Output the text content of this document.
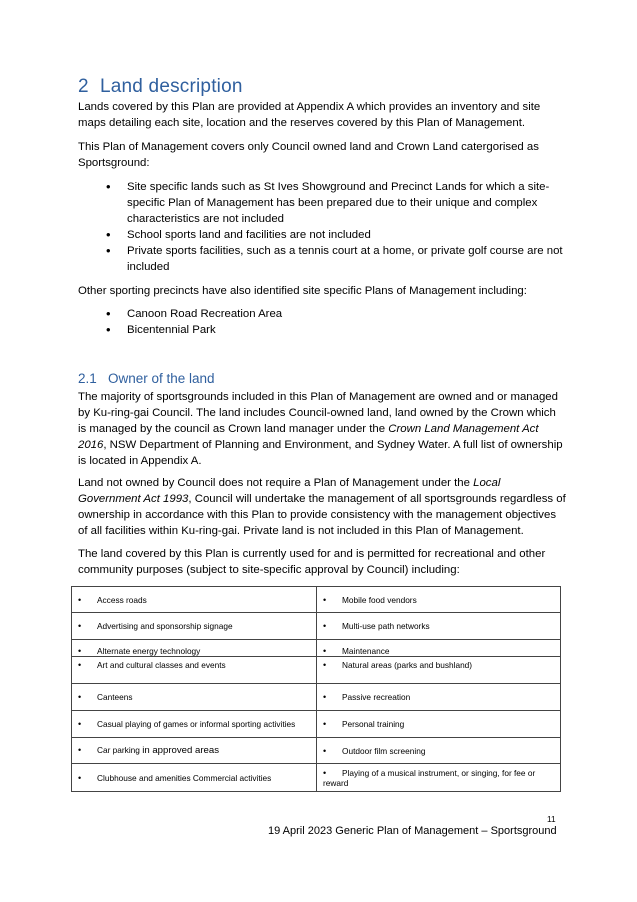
2 Land description

Lands covered by this Plan are provided at Appendix A which provides an inventory and site maps detailing each site, location and the reserves covered by this Plan of Management.

This Plan of Management covers only Council owned land and Crown Land catergorised as Sportsground:

• Site specific lands such as St Ives Showground and Precinct Lands for which a site-specific Plan of Management has been prepared due to their unique and complex characteristics are not included
• School sports land and facilities are not included
• Private sports facilities, such as a tennis court at a home, or private golf course are not included

Other sporting precincts have also identified site specific Plans of Management including:

• Canoon Road Recreation Area
• Bicentennial Park
2.1 Owner of the land

The majority of sportsgrounds included in this Plan of Management are owned and or managed by Ku-ring-gai Council. The land includes Council-owned land, land owned by the Crown which is managed by the council as Crown land manager under the Crown Land Management Act 2016, NSW Department of Planning and Environment, and Sydney Water. A full list of ownership is located in Appendix A.

Land not owned by Council does not require a Plan of Management under the Local Government Act 1993, Council will undertake the management of all sportsgrounds regardless of ownership in accordance with this Plan to provide consistency with the management objectives of all facilities within Ku-ring-gai. Private land is not included in this Plan of Management.

The land covered by this Plan is currently used for and is permitted for recreational and other community purposes (subject to site-specific approval by Council) including:

• Access roads	• Mobile food vendors
• Advertising and sponsorship signage	• Multi-use path networks
• Alternate energy technology	• Maintenance
• Art and cultural classes and events	• Natural areas (parks and bushland)
• Canteens	• Passive recreation
• Casual playing of games or informal sporting activities	• Personal training
• Car parking in approved areas	• Outdoor film screening
• Clubhouse and amenities Commercial activities	• Playing of a musical instrument, or singing, for fee or reward
11
19 April 2023 Generic Plan of Management – Sportsground
